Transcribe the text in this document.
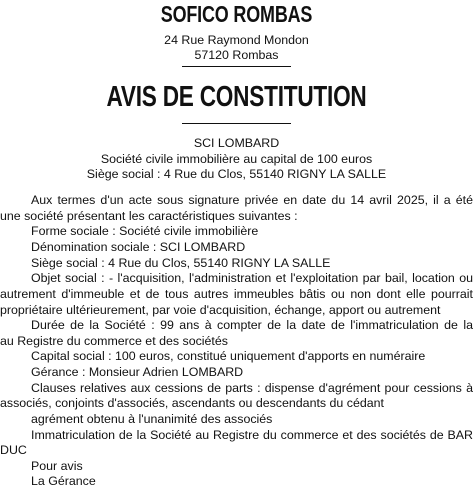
SOFICO ROMBAS
24 Rue Raymond Mondon
57120 Rombas
AVIS DE CONSTITUTION
SCI LOMBARD
Société civile immobilière au capital de 100 euros
Siège social : 4 Rue du Clos, 55140 RIGNY LA SALLE
Aux termes d'un acte sous signature privée en date du 14 avril 2025, il a été
une société présentant les caractéristiques suivantes :
Forme sociale : Société civile immobilière
Dénomination sociale : SCI LOMBARD
Siège social : 4 Rue du Clos, 55140 RIGNY LA SALLE
Objet social : - l'acquisition, l'administration et l'exploitation par bail, location ou
autrement d'immeuble et de tous autres immeubles bâtis ou non dont elle pourrait
propriétaire ultérieurement, par voie d'acquisition, échange, apport ou autrement
Durée de la Société : 99 ans à compter de la date de l'immatriculation de la
au Registre du commerce et des sociétés
Capital social : 100 euros, constitué uniquement d'apports en numéraire
Gérance : Monsieur Adrien LOMBARD
Clauses relatives aux cessions de parts : dispense d'agrément pour cessions à
associés, conjoints d'associés, ascendants ou descendants du cédant
agrément obtenu à l'unanimité des associés
Immatriculation de la Société au Registre du commerce et des sociétés de BAR
DUC
Pour avis
La Gérance
